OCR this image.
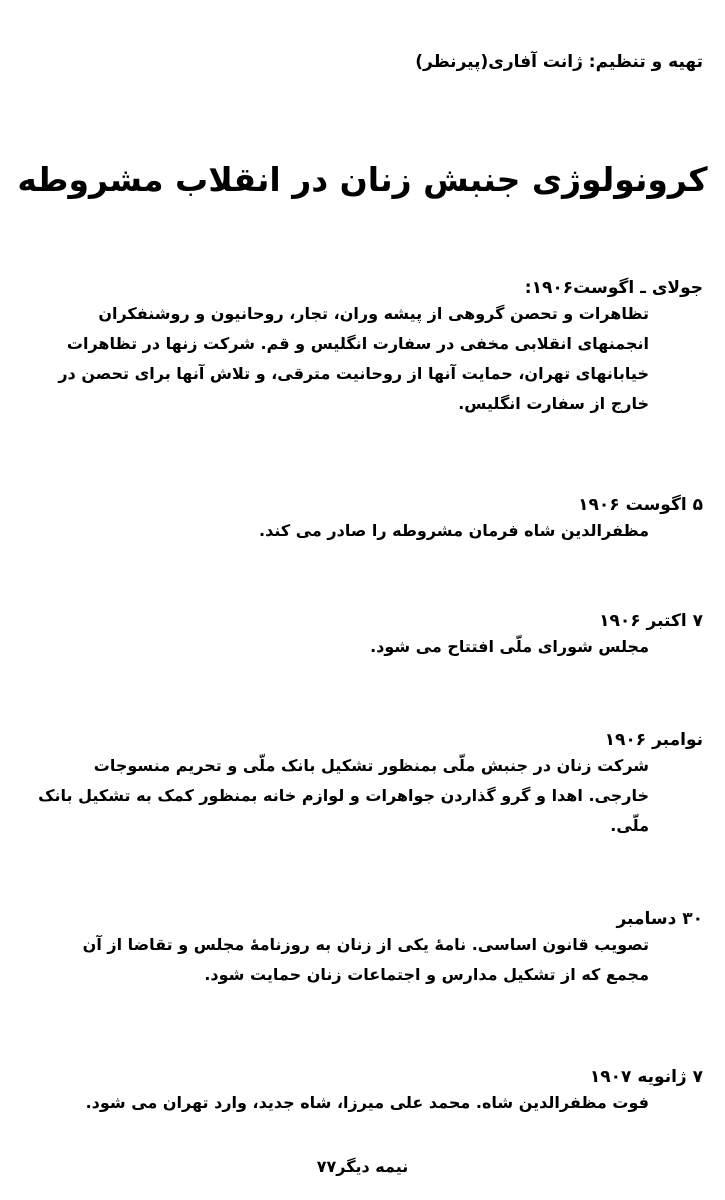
تهیه و تنظیم: ژانت آفاری(پیرنظر)
کرونولوژی جنبش زنان در انقلاب مشروطه
جولای ـ اگوست۱۹۰۶:
تظاهرات و تحصن گروهی از پیشه وران، تجار، روحانیون و روشنفکران
انجمنهای انقلابی مخفی در سفارت انگلیس و قم. شرکت زنها در تظاهرات
خیابانهای تهران، حمایت آنها از روحانیت مترقی، و تلاش آنها برای تحصن در
خارج از سفارت انگلیس.
۵ اگوست ۱۹۰۶
مظفرالدین شاه فرمان مشروطه را صادر می کند.
۷ اکتبر ۱۹۰۶
مجلس شورای ملّی افتتاح می شود.
نوامبر ۱۹۰۶
شرکت زنان در جنبش ملّی بمنظور تشکیل بانک ملّی و تحریم منسوجات
خارجی. اهدا و گرو گذاردن جواهرات و لوازم خانه بمنظور کمک به تشکیل بانک
ملّی.
۳۰ دسامبر
تصویب قانون اساسی. نامهٔ یکی از زنان به روزنامهٔ مجلس و تقاضا از آن
مجمع که از تشکیل مدارس و اجتماعات زنان حمایت شود.
۷ ژانویه ۱۹۰۷
فوت مظفرالدین شاه. محمد علی میرزا، شاه جدید، وارد تهران می شود.
نیمه دیگر۷۷
